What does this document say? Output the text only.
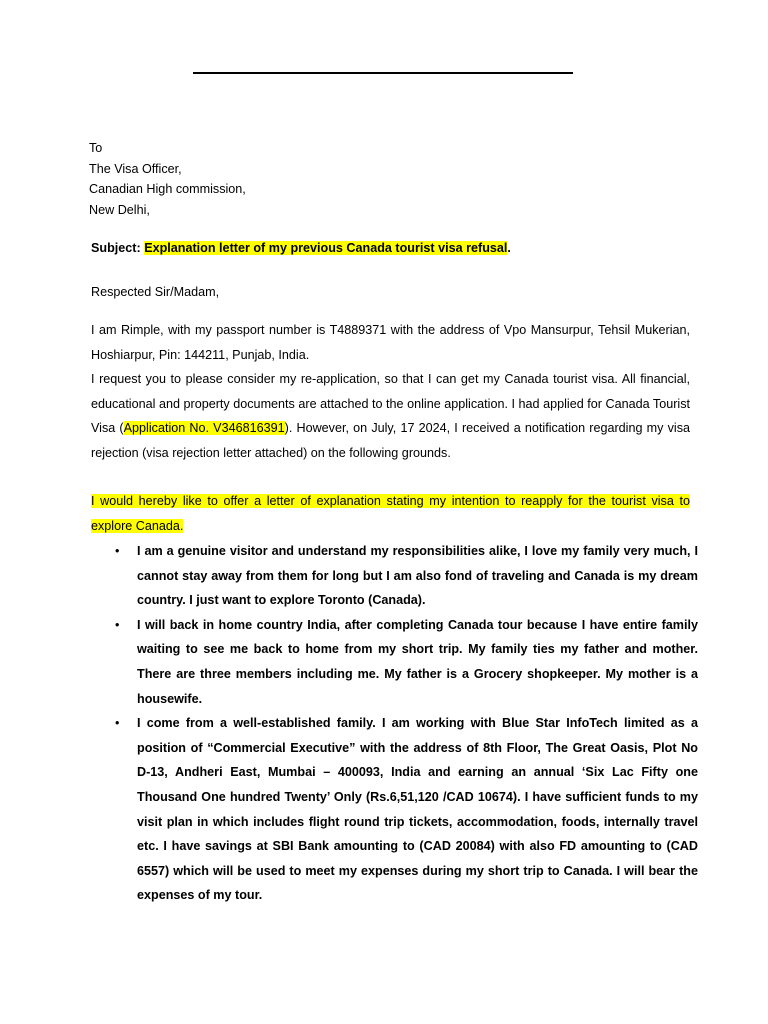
To
The Visa Officer,
Canadian High commission,
New Delhi,
Subject: Explanation letter of my previous Canada tourist visa refusal.
Respected Sir/Madam,

I am Rimple, with my passport number is T4889371 with the address of Vpo Mansurpur, Tehsil Mukerian, Hoshiarpur, Pin: 144211, Punjab, India.

I request you to please consider my re-application, so that I can get my Canada tourist visa. All financial, educational and property documents are attached to the online application. I had applied for Canada Tourist Visa (Application No. V346816391). However, on July, 17 2024, I received a notification regarding my visa rejection (visa rejection letter attached) on the following grounds.

I would hereby like to offer a letter of explanation stating my intention to reapply for the tourist visa to explore Canada.
• I am a genuine visitor and understand my responsibilities alike, I love my family very much, I cannot stay away from them for long but I am also fond of traveling and Canada is my dream country. I just want to explore Toronto (Canada).
• I will back in home country India, after completing Canada tour because I have entire family waiting to see me back to home from my short trip. My family ties my father and mother. There are three members including me. My father is a Grocery shopkeeper. My mother is a housewife.
• I come from a well-established family. I am working with Blue Star InfoTech limited as a position of “Commercial Executive” with the address of 8th Floor, The Great Oasis, Plot No D-13, Andheri East, Mumbai – 400093, India and earning an annual ‘Six Lac Fifty one Thousand One hundred Twenty’ Only (Rs.6,51,120 /CAD 10674). I have sufficient funds to my visit plan in which includes flight round trip tickets, accommodation, foods, internally travel etc. I have savings at SBI Bank amounting to (CAD 20084) with also FD amounting to (CAD 6557) which will be used to meet my expenses during my short trip to Canada. I will bear the expenses of my tour.
